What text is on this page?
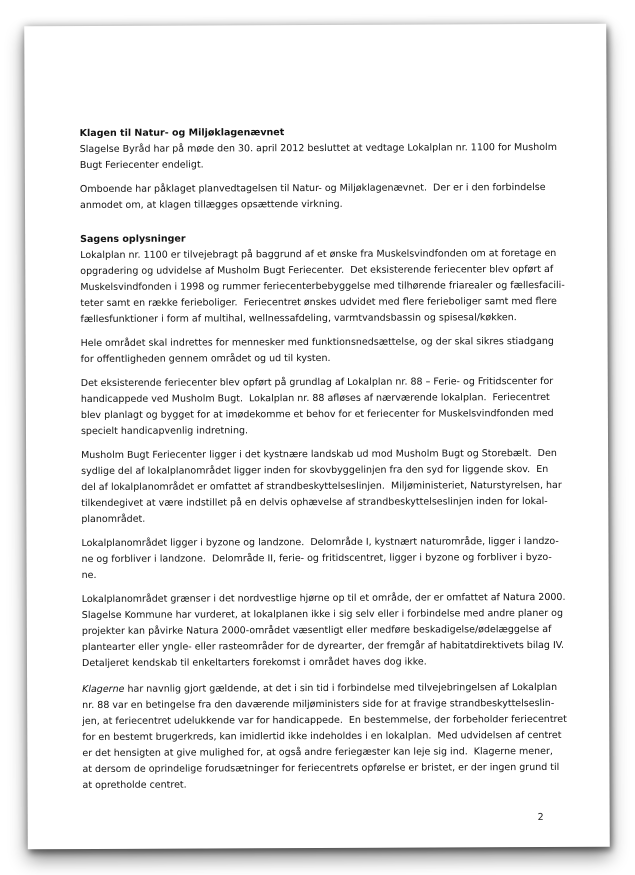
Klagen til Natur- og Miljøklagenævnet

Slagelse Byråd har på møde den 30. april 2012 besluttet at vedtage Lokalplan nr. 1100 for Musholm
Bugt Feriecenter endeligt.

Omboende har påklaget planvedtagelsen til Natur- og Miljøklagenævnet.  Der er i den forbindelse
anmodet om, at klagen tillægges opsættende virkning.

Sagens oplysninger

Lokalplan nr. 1100 er tilvejebragt på baggrund af et ønske fra Muskelsvindfonden om at foretage en
opgradering og udvidelse af Musholm Bugt Feriecenter.  Det eksisterende feriecenter blev opført af
Muskelsvindfonden i 1998 og rummer feriecenterbebyggelse med tilhørende friarealer og fællesfacili-
teter samt en række ferieboliger.  Feriecentret ønskes udvidet med flere ferieboliger samt med flere
fællesfunktioner i form af multihal, wellnessafdeling, varmtvandsbassin og spisesal/køkken.

Hele området skal indrettes for mennesker med funktionsnedsættelse, og der skal sikres stiadgang
for offentligheden gennem området og ud til kysten.

Det eksisterende feriecenter blev opført på grundlag af Lokalplan nr. 88 – Ferie- og Fritidscenter for
handicappede ved Musholm Bugt.  Lokalplan nr. 88 afløses af nærværende lokalplan.  Feriecentret
blev planlagt og bygget for at imødekomme et behov for et feriecenter for Muskelsvindfonden med
specielt handicapvenlig indretning.

Musholm Bugt Feriecenter ligger i det kystnære landskab ud mod Musholm Bugt og Storebælt.  Den
sydlige del af lokalplanområdet ligger inden for skovbyggelinjen fra den syd for liggende skov.  En
del af lokalplanområdet er omfattet af strandbeskyttelseslinjen.  Miljøministeriet, Naturstyrelsen, har
tilkendegivet at være indstillet på en delvis ophævelse af strandbeskyttelseslinjen inden for lokal-
planområdet.

Lokalplanområdet ligger i byzone og landzone.  Delområde I, kystnært naturområde, ligger i landzo-
ne og forbliver i landzone.  Delområde II, ferie- og fritidscentret, ligger i byzone og forbliver i byzo-
ne.

Lokalplanområdet grænser i det nordvestlige hjørne op til et område, der er omfattet af Natura 2000.
Slagelse Kommune har vurderet, at lokalplanen ikke i sig selv eller i forbindelse med andre planer og
projekter kan påvirke Natura 2000-området væsentligt eller medføre beskadigelse/ødelæggelse af
plantearter eller yngle- eller rasteområder for de dyrearter, der fremgår af habitatdirektivets bilag IV.
Detaljeret kendskab til enkeltarters forekomst i området haves dog ikke.

Klagerne har navnlig gjort gældende, at det i sin tid i forbindelse med tilvejebringelsen af Lokalplan
nr. 88 var en betingelse fra den daværende miljøministers side for at fravige strandbeskyttelseslin-
jen, at feriecentret udelukkende var for handicappede.  En bestemmelse, der forbeholder feriecentret
for en bestemt brugerkreds, kan imidlertid ikke indeholdes i en lokalplan.  Med udvidelsen af centret
er det hensigten at give mulighed for, at også andre feriegæster kan leje sig ind.  Klagerne mener,
at dersom de oprindelige forudsætninger for feriecentrets opførelse er bristet, er der ingen grund til
at opretholde centret.

2
